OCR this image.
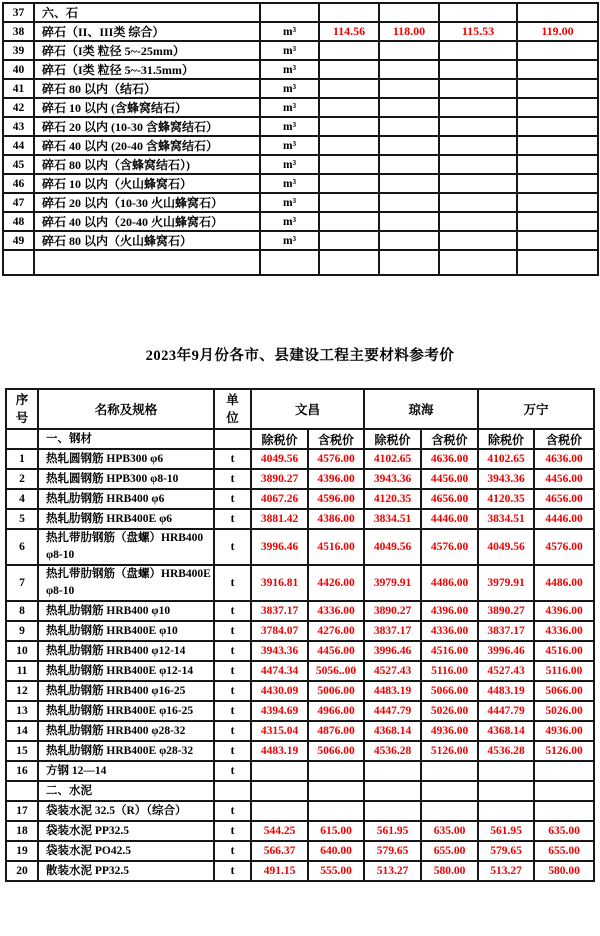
37	六、石					
38	碎石（II、III类 综合）	m³	114.56	118.00	115.53	119.00
39	碎石（I类 粒径 5~-25mm）	m³				
40	碎石（I类 粒径 5~-31.5mm）	m³				
41	碎石 80 以内（结石）	m³				
42	碎石 10 以内 (含蜂窝结石）	m³				
43	碎石 20 以内 (10-30 含蜂窝结石）	m³				
44	碎石 40 以内 (20-40 含蜂窝结石）	m³				
45	碎石 80 以内（含蜂窝结石）)	m³				
46	碎石 10 以内（火山蜂窝石）	m³				
47	碎石 20 以内（10-30 火山蜂窝石）	m³				
48	碎石 40 以内（20-40 火山蜂窝石）	m³				
49	碎石 80 以内（火山蜂窝石）	m³				

2023年9月份各市、县建设工程主要材料参考价
序号	名称及规格	单位	文昌		琼海		万宁	
	一、钢材		除税价	含税价	除税价	含税价	除税价	含税价
1	热轧圆钢筋 HPB300 φ6	t	4049.56	4576.00	4102.65	4636.00	4102.65	4636.00
2	热轧圆钢筋 HPB300 φ8-10	t	3890.27	4396.00	3943.36	4456.00	3943.36	4456.00
4	热轧肋钢筋 HRB400 φ6	t	4067.26	4596.00	4120.35	4656.00	4120.35	4656.00
5	热轧肋钢筋 HRB400E φ6	t	3881.42	4386.00	3834.51	4446.00	3834.51	4446.00
6	热扎带肋钢筋（盘螺）HRB400 φ8-10	t	3996.46	4516.00	4049.56	4576.00	4049.56	4576.00
7	热扎带肋钢筋（盘螺）HRB400E φ8-10	t	3916.81	4426.00	3979.91	4486.00	3979.91	4486.00
8	热轧肋钢筋 HRB400 φ10	t	3837.17	4336.00	3890.27	4396.00	3890.27	4396.00
9	热轧肋钢筋 HRB400E φ10	t	3784.07	4276.00	3837.17	4336.00	3837.17	4336.00
10	热轧肋钢筋 HRB400 φ12-14	t	3943.36	4456.00	3996.46	4516.00	3996.46	4516.00
11	热轧肋钢筋 HRB400E φ12-14	t	4474.34	5056..00	4527.43	5116.00	4527.43	5116.00
12	热轧肋钢筋 HRB400 φ16-25	t	4430.09	5006.00	4483.19	5066.00	4483.19	5066.00
13	热轧肋钢筋 HRB400E φ16-25	t	4394.69	4966.00	4447.79	5026.00	4447.79	5026.00
14	热轧肋钢筋 HRB400 φ28-32	t	4315.04	4876.00	4368.14	4936.00	4368.14	4936.00
15	热轧肋钢筋 HRB400E φ28-32	t	4483.19	5066.00	4536.28	5126.00	4536.28	5126.00
16	方钢 12—14	t						
	二、水泥							
17	袋装水泥 32.5（R）（综合）	t						
18	袋装水泥 PP32.5	t	544.25	615.00	561.95	635.00	561.95	635.00
19	袋装水泥 PO42.5	t	566.37	640.00	579.65	655.00	579.65	655.00
20	散装水泥 PP32.5	t	491.15	555.00	513.27	580.00	513.27	580.00
